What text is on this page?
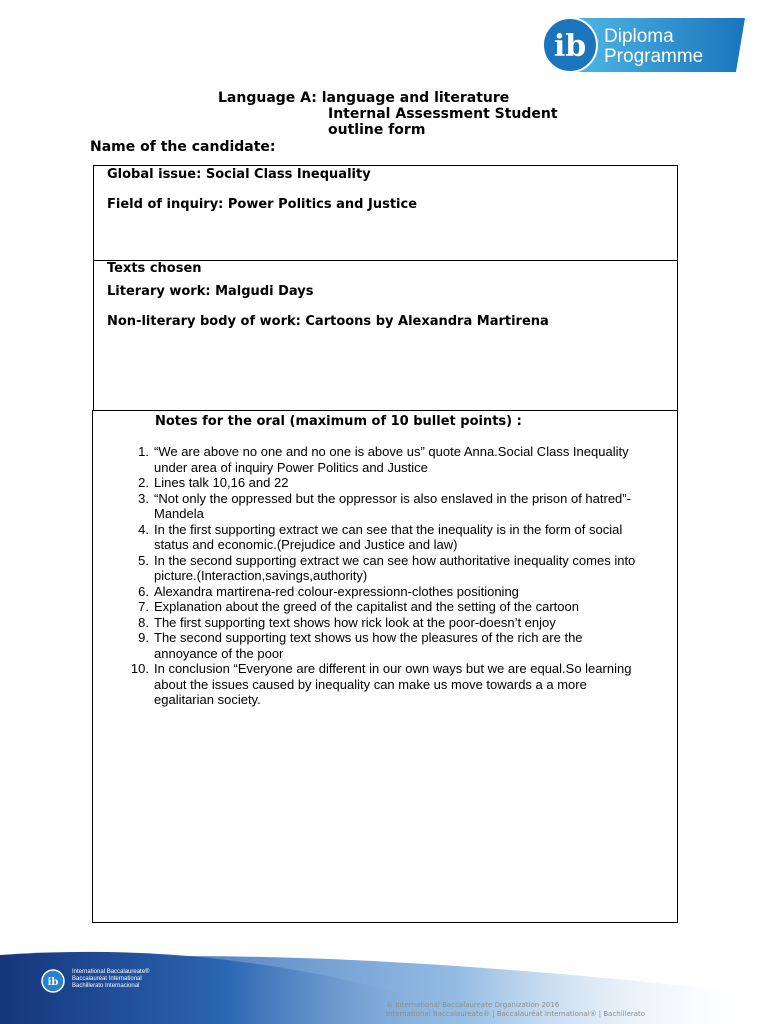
ib Diploma
Programme
Language A: language and literature
Internal Assessment Student
outline form
Name of the candidate:
Global issue: Social Class Inequality
Field of inquiry: Power Politics and Justice
Texts chosen
Literary work: Malgudi Days
Non-literary body of work: Cartoons by Alexandra Martirena
Notes for the oral (maximum of 10 bullet points) :
1. “We are above no one and no one is above us” quote Anna.Social Class Inequality
under area of inquiry Power Politics and Justice
2. Lines talk 10,16 and 22
3. “Not only the oppressed but the oppressor is also enslaved in the prison of hatred”-
Mandela
4. In the first supporting extract we can see that the inequality is in the form of social
status and economic.(Prejudice and Justice and law)
5. In the second supporting extract we can see how authoritative inequality comes into
picture.(Interaction,savings,authority)
6. Alexandra martirena-red colour-expressionn-clothes positioning
7. Explanation about the greed of the capitalist and the setting of the cartoon
8. The first supporting text shows how rick look at the poor-doesn’t enjoy
9. The second supporting text shows us how the pleasures of the rich are the
annoyance of the poor
10. In conclusion “Everyone are different in our own ways but we are equal.So learning
about the issues caused by inequality can make us move towards a a more
egalitarian society.
ib
International Baccalaureate®
Baccalauréat International
Bachillerato Internacional
® International Baccalaureate Organization 2016
International Baccalaureate® | Baccalauréat International® | Bachillerato
